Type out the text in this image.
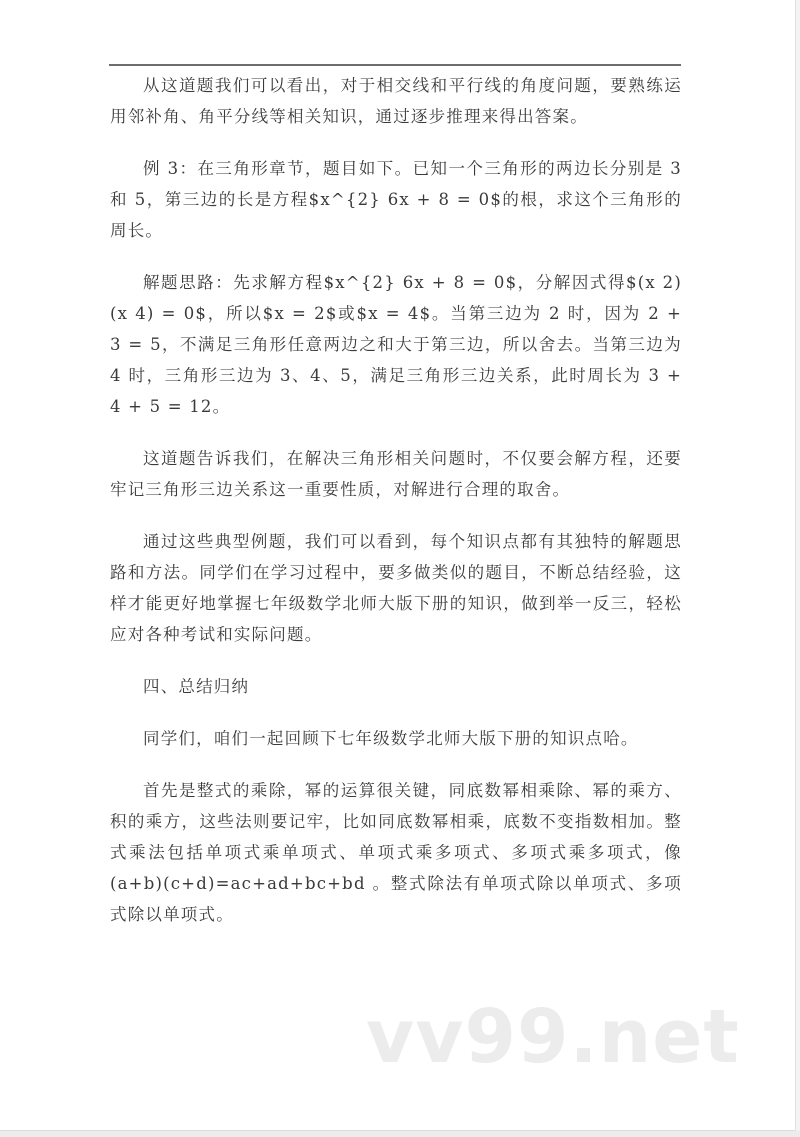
从这道题我们可以看出，对于相交线和平行线的角度问题，要熟练运用邻补角、角平分线等相关知识，通过逐步推理来得出答案。

例 3：在三角形章节，题目如下。已知一个三角形的两边长分别是 3 和 5，第三边的长是方程$x^{2} 6x + 8 = 0$的根，求这个三角形的周长。

解题思路：先求解方程$x^{2} 6x + 8 = 0$，分解因式得$(x 2)(x 4) = 0$，所以$x = 2$或$x = 4$。当第三边为 2 时，因为 2 + 3 = 5，不满足三角形任意两边之和大于第三边，所以舍去。当第三边为 4 时，三角形三边为 3、4、5，满足三角形三边关系，此时周长为 3 + 4 + 5 = 12。

这道题告诉我们，在解决三角形相关问题时，不仅要会解方程，还要牢记三角形三边关系这一重要性质，对解进行合理的取舍。

通过这些典型例题，我们可以看到，每个知识点都有其独特的解题思路和方法。同学们在学习过程中，要多做类似的题目，不断总结经验，这样才能更好地掌握七年级数学北师大版下册的知识，做到举一反三，轻松应对各种考试和实际问题。

四、总结归纳

同学们，咱们一起回顾下七年级数学北师大版下册的知识点哈。

首先是整式的乘除，幂的运算很关键，同底数幂相乘除、幂的乘方、积的乘方，这些法则要记牢，比如同底数幂相乘，底数不变指数相加。整式乘法包括单项式乘单项式、单项式乘多项式、多项式乘多项式，像(a+b)(c+d)=ac+ad+bc+bd 。整式除法有单项式除以单项式、多项式除以单项式。

vv99.net
